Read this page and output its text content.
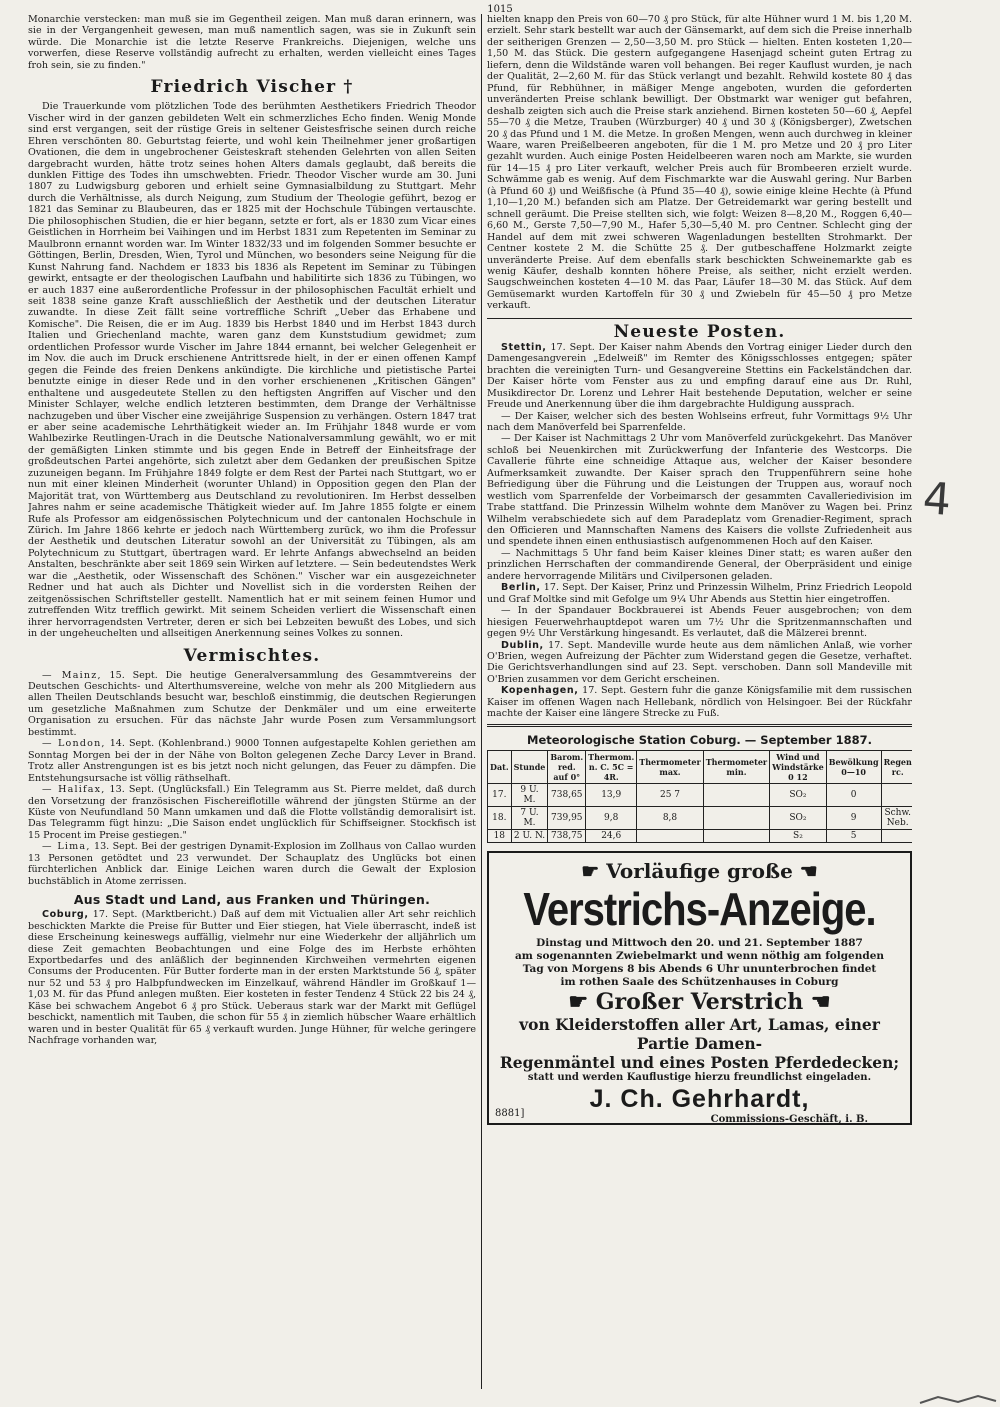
1015

Monarchie verstecken: man muß sie im Gegentheil zeigen. Man muß daran erinnern, was sie in der Vergangenheit gewesen, man muß namentlich sagen, was sie in Zukunft sein würde. Die Monarchie ist die letzte Reserve Frankreichs. Diejenigen, welche uns vorwerfen, diese Reserve vollständig aufrecht zu erhalten, werden vielleicht eines Tages froh sein, sie zu finden."

Friedrich Vischer †

Die Trauerkunde vom plötzlichen Tode des berühmten Aesthetikers Friedrich Theodor Vischer wird in der ganzen gebildeten Welt ein schmerzliches Echo finden. Wenig Monde sind erst vergangen, seit der rüstige Greis in seltener Geistesfrische seinen durch reiche Ehren verschönten 80. Geburtstag feierte, und wohl kein Theilnehmer jener großartigen Ovationen, die dem in ungebrochener Geisteskraft stehenden Gelehrten von allen Seiten dargebracht wurden, hätte trotz seines hohen Alters damals geglaubt, daß bereits die dunklen Fittige des Todes ihn umschwebten. Friedr. Theodor Vischer wurde am 30. Juni 1807 zu Ludwigsburg geboren und erhielt seine Gymnasialbildung zu Stuttgart. Mehr durch die Verhältnisse, als durch Neigung, zum Studium der Theologie geführt, bezog er 1821 das Seminar zu Blaubeuren, das er 1825 mit der Hochschule Tübingen vertauschte. Die philosophischen Studien, die er hier begann, setzte er fort, als er 1830 zum Vicar eines Geistlichen in Horrheim bei Vaihingen und im Herbst 1831 zum Repetenten im Seminar zu Maulbronn ernannt worden war. Im Winter 1832/33 und im folgenden Sommer besuchte er Göttingen, Berlin, Dresden, Wien, Tyrol und München, wo besonders seine Neigung für die Kunst Nahrung fand. Nachdem er 1833 bis 1836 als Repetent im Seminar zu Tübingen gewirkt, entsagte er der theologischen Laufbahn und habilitirte sich 1836 zu Tübingen, wo er auch 1837 eine außerordentliche Professur in der philosophischen Facultät erhielt und seit 1838 seine ganze Kraft ausschließlich der Aesthetik und der deutschen Literatur zuwandte. In diese Zeit fällt seine vortreffliche Schrift „Ueber das Erhabene und Komische". Die Reisen, die er im Aug. 1839 bis Herbst 1840 und im Herbst 1843 durch Italien und Griechenland machte, waren ganz dem Kunststudium gewidmet; zum ordentlichen Professor wurde Vischer im Jahre 1844 ernannt, bei welcher Gelegenheit er im Nov. die auch im Druck erschienene Antrittsrede hielt, in der er einen offenen Kampf gegen die Feinde des freien Denkens ankündigte. Die kirchliche und pietistische Partei benutzte einige in dieser Rede und in den vorher erschienenen „Kritischen Gängen" enthaltene und ausgedeutete Stellen zu den heftigsten Angriffen auf Vischer und den Minister Schlayer, welche endlich letzteren bestimmten, dem Drange der Verhältnisse nachzugeben und über Vischer eine zweijährige Suspension zu verhängen. Ostern 1847 trat er aber seine academische Lehrthätigkeit wieder an. Im Frühjahr 1848 wurde er vom Wahlbezirke Reutlingen-Urach in die Deutsche Nationalversammlung gewählt, wo er mit der gemäßigten Linken stimmte und bis gegen Ende in Betreff der Einheitsfrage der großdeutschen Partei angehörte, sich zuletzt aber dem Gedanken der preußischen Spitze zuzuneigen begann. Im Frühjahre 1849 folgte er dem Rest der Partei nach Stuttgart, wo er nun mit einer kleinen Minderheit (worunter Uhland) in Opposition gegen den Plan der Majorität trat, von Württemberg aus Deutschland zu revolutioniren. Im Herbst desselben Jahres nahm er seine academische Thätigkeit wieder auf. Im Jahre 1855 folgte er einem Rufe als Professor am eidgenössischen Polytechnicum und der cantonalen Hochschule in Zürich. Im Jahre 1866 kehrte er jedoch nach Württemberg zurück, wo ihm die Professur der Aesthetik und deutschen Literatur sowohl an der Universität zu Tübingen, als am Polytechnicum zu Stuttgart, übertragen ward. Er lehrte Anfangs abwechselnd an beiden Anstalten, beschränkte aber seit 1869 sein Wirken auf letztere. — Sein bedeutendstes Werk war die „Aesthetik, oder Wissenschaft des Schönen." Vischer war ein ausgezeichneter Redner und hat auch als Dichter und Novellist sich in die vordersten Reihen der zeitgenössischen Schriftsteller gestellt. Namentlich hat er mit seinem feinen Humor und zutreffenden Witz trefflich gewirkt. Mit seinem Scheiden verliert die Wissenschaft einen ihrer hervorragendsten Vertreter, deren er sich bei Lebzeiten bewußt des Lobes, und sich in der ungeheuchelten und allseitigen Anerkennung seines Volkes zu sonnen.

Vermischtes.

— Mainz, 15. Sept. Die heutige Generalversammlung des Gesammtvereins der Deutschen Geschichts- und Alterthumsvereine, welche von mehr als 200 Mitgliedern aus allen Theilen Deutschlands besucht war, beschloß einstimmig, die deutschen Regierungen um gesetzliche Maßnahmen zum Schutze der Denkmäler und um eine erweiterte Organisation zu ersuchen. Für das nächste Jahr wurde Posen zum Versammlungsort bestimmt.

— London, 14. Sept. (Kohlenbrand.) 9000 Tonnen aufgestapelte Kohlen geriethen am Sonntag Morgen bei der in der Nähe von Bolton gelegenen Zeche Darcy Lever in Brand. Trotz aller Anstrengungen ist es bis jetzt noch nicht gelungen, das Feuer zu dämpfen. Die Entstehungsursache ist völlig räthselhaft.

— Halifax, 13. Sept. (Unglücksfall.) Ein Telegramm aus St. Pierre meldet, daß durch den Vorsetzung der französischen Fischereiflotille während der jüngsten Stürme an der Küste von Neufundland 50 Mann umkamen und daß die Flotte vollständig demoralisirt ist. Das Telegramm fügt hinzu: „Die Saison endet unglücklich für Schiffseigner. Stockfisch ist 15 Procent im Preise gestiegen."

— Lima, 13. Sept. Bei der gestrigen Dynamit-Explosion im Zollhaus von Callao wurden 13 Personen getödtet und 23 verwundet. Der Schauplatz des Unglücks bot einen fürchterlichen Anblick dar. Einige Leichen waren durch die Gewalt der Explosion buchstäblich in Atome zerrissen.

Aus Stadt und Land, aus Franken und Thüringen.

Coburg, 17. Sept. (Marktbericht.) Daß auf dem mit Victualien aller Art sehr reichlich beschickten Markte die Preise für Butter und Eier stiegen, hat Viele überrascht, indeß ist diese Erscheinung keineswegs auffällig, vielmehr nur eine Wiederkehr der alljährlich um diese Zeit gemachten Beobachtungen und eine Folge des im Herbste erhöhten Exportbedarfes und des anläßlich der beginnenden Kirchweihen vermehrten eigenen Consums der Producenten. Für Butter forderte man in der ersten Marktstunde 56 ₰, später nur 52 und 53 ₰ pro Halbpfundwecken im Einzelkauf, während Händler im Großkauf 1—1,03 M. für das Pfund anlegen mußten. Eier kosteten in fester Tendenz 4 Stück 22 bis 24 ₰, Käse bei schwachem Angebot 6 ₰ pro Stück. Ueberaus stark war der Markt mit Geflügel beschickt, namentlich mit Tauben, die schon für 55 ₰ in ziemlich hübscher Waare erhältlich waren und in bester Qualität für 65 ₰ verkauft wurden. Junge Hühner, für welche geringere Nachfrage vorhanden war,

hielten knapp den Preis von 60—70 ₰ pro Stück, für alte Hühner wurd 1 M. bis 1,20 M. erzielt. Sehr stark bestellt war auch der Gänsemarkt, auf dem sich die Preise innerhalb der seitherigen Grenzen — 2,50—3,50 M. pro Stück — hielten. Enten kosteten 1,20—1,50 M. das Stück. Die gestern aufgegangene Hasenjagd scheint guten Ertrag zu liefern, denn die Wildstände waren voll behangen. Bei reger Kauflust wurden, je nach der Qualität, 2—2,60 M. für das Stück verlangt und bezahlt. Rehwild kostete 80 ₰ das Pfund, für Rebhühner, in mäßiger Menge angeboten, wurden die geforderten unveränderten Preise schlank bewilligt. Der Obstmarkt war weniger gut befahren, deshalb zeigten sich auch die Preise stark anziehend. Birnen kosteten 50—60 ₰, Aepfel 55—70 ₰ die Metze, Trauben (Würzburger) 40 ₰ und 30 ₰ (Königsberger), Zwetschen 20 ₰ das Pfund und 1 M. die Metze. In großen Mengen, wenn auch durchweg in kleiner Waare, waren Preißelbeeren angeboten, für die 1 M. pro Metze und 20 ₰ pro Liter gezahlt wurden. Auch einige Posten Heidelbeeren waren noch am Markte, sie wurden für 14—15 ₰ pro Liter verkauft, welcher Preis auch für Brombeeren erzielt wurde. Schwämme gab es wenig. Auf dem Fischmarkte war die Auswahl gering. Nur Barben (à Pfund 60 ₰) und Weißfische (à Pfund 35—40 ₰), sowie einige kleine Hechte (à Pfund 1,10—1,20 M.) befanden sich am Platze. Der Getreidemarkt war gering bestellt und schnell geräumt. Die Preise stellten sich, wie folgt: Weizen 8—8,20 M., Roggen 6,40—6,60 M., Gerste 7,50—7,90 M., Hafer 5,30—5,40 M. pro Centner. Schlecht ging der Handel auf dem mit zwei schweren Wagenladungen bestellten Strohmarkt. Der Centner kostete 2 M. die Schütte 25 ₰. Der gutbeschaffene Holzmarkt zeigte unveränderte Preise. Auf dem ebenfalls stark beschickten Schweinemarkte gab es wenig Käufer, deshalb konnten höhere Preise, als seither, nicht erzielt werden. Saugschweinchen kosteten 4—10 M. das Paar, Läufer 18—30 M. das Stück. Auf dem Gemüsemarkt wurden Kartoffeln für 30 ₰ und Zwiebeln für 45—50 ₰ pro Metze verkauft.

Neueste Posten.

Stettin, 17. Sept. Der Kaiser nahm Abends den Vortrag einiger Lieder durch den Damengesangverein „Edelweiß" im Remter des Königsschlosses entgegen; später brachten die vereinigten Turn- und Gesangvereine Stettins ein Fackelständchen dar. Der Kaiser hörte vom Fenster aus zu und empfing darauf eine aus Dr. Ruhl, Musikdirector Dr. Lorenz und Lehrer Hait bestehende Deputation, welcher er seine Freude und Anerkennung über die ihm dargebrachte Huldigung aussprach.

— Der Kaiser, welcher sich des besten Wohlseins erfreut, fuhr Vormittags 9½ Uhr nach dem Manöverfeld bei Sparrenfelde.

— Der Kaiser ist Nachmittags 2 Uhr vom Manöverfeld zurückgekehrt. Das Manöver schloß bei Neuenkirchen mit Zurückwerfung der Infanterie des Westcorps. Die Cavallerie führte eine schneidige Attaque aus, welcher der Kaiser besondere Aufmerksamkeit zuwandte. Der Kaiser sprach den Truppenführern seine hohe Befriedigung über die Führung und die Leistungen der Truppen aus, worauf noch westlich vom Sparrenfelde der Vorbeimarsch der gesammten Cavalleriedivision im Trabe stattfand. Die Prinzessin Wilhelm wohnte dem Manöver zu Wagen bei. Prinz Wilhelm verabschiedete sich auf dem Paradeplatz vom Grenadier-Regiment, sprach den Officieren und Mannschaften Namens des Kaisers die vollste Zufriedenheit aus und spendete ihnen einen enthusiastisch aufgenommenen Hoch auf den Kaiser.

— Nachmittags 5 Uhr fand beim Kaiser kleines Diner statt; es waren außer den prinzlichen Herrschaften der commandirende General, der Oberpräsident und einige andere hervorragende Militärs und Civilpersonen geladen.

Berlin, 17. Sept. Der Kaiser, Prinz und Prinzessin Wilhelm, Prinz Friedrich Leopold und Graf Moltke sind mit Gefolge um 9¼ Uhr Abends aus Stettin hier eingetroffen.

— In der Spandauer Bockbrauerei ist Abends Feuer ausgebrochen; von dem hiesigen Feuerwehrhauptdepot waren um 7½ Uhr die Spritzenmannschaften und gegen 9½ Uhr Verstärkung hingesandt. Es verlautet, daß die Mälzerei brennt.

Dublin, 17. Sept. Mandeville wurde heute aus dem nämlichen Anlaß, wie vorher O'Brien, wegen Aufreizung der Pächter zum Widerstand gegen die Gesetze, verhaftet. Die Gerichtsverhandlungen sind auf 23. Sept. verschoben. Dann soll Mandeville mit O'Brien zusammen vor dem Gericht erscheinen.

Kopenhagen, 17. Sept. Gestern fuhr die ganze Königsfamilie mit dem russischen Kaiser im offenen Wagen nach Hellebank, nördlich von Helsingoer. Bei der Rückfahr machte der Kaiser eine längere Strecke zu Fuß.

Meteorologische Station Coburg. — September 1887.
Dat.	Stunde	Barom. red. auf 0°	Thermom. n. C. 5C = 4R.	Thermometer max.	Thermometer min.	Wind und Windstärke 0 12	Bewölkung 0—10	Regen rc.
17.	9 U. M.	738,65	13,9	25 7		SO₂	0	
18.	7 U. M.	739,95	9,8	8,8		SO₂	9	Schw. Neb.
18	2 U. N.	738,75	24,6			S₂	5	
☛ Vorläufige große ☚
Verstrichs-Anzeige.
Dinstag und Mittwoch den 20. und 21. September 1887
am sogenannten Zwiebelmarkt und wenn nöthig am folgenden
Tag von Morgens 8 bis Abends 6 Uhr ununterbrochen findet
im rothen Saale des Schützenhauses in Coburg
☛ Großer Verstrich ☚
von Kleiderstoffen aller Art, Lamas, einer Partie Damen-
Regenmäntel und eines Posten Pferdedecken;
statt und werden Kauflustige hierzu freundlichst eingeladen.
J. Ch. Gehrhardt,
Commissions-Geschäft, i. B.
8881]
4
